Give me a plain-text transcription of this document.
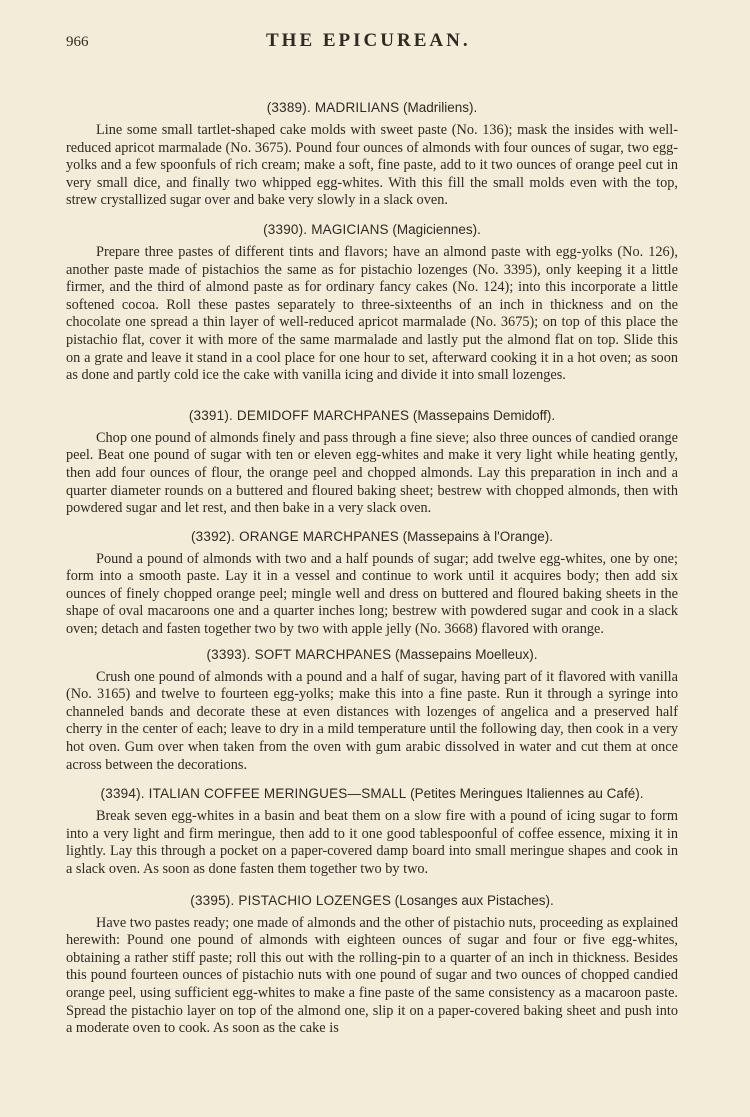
966	THE EPICUREAN.
(3389). MADRILIANS (Madriliens).

Line some small tartlet-shaped cake molds with sweet paste (No. 136); mask the insides with well-reduced apricot marmalade (No. 3675). Pound four ounces of almonds with four ounces of sugar, two egg-yolks and a few spoonfuls of rich cream; make a soft, fine paste, add to it two ounces of orange peel cut in very small dice, and finally two whipped egg-whites. With this fill the small molds even with the top, strew crystallized sugar over and bake very slowly in a slack oven.

(3390). MAGICIANS (Magiciennes).

Prepare three pastes of different tints and flavors; have an almond paste with egg-yolks (No. 126), another paste made of pistachios the same as for pistachio lozenges (No. 3395), only keeping it a little firmer, and the third of almond paste as for ordinary fancy cakes (No. 124); into this incorporate a little softened cocoa. Roll these pastes separately to three-sixteenths of an inch in thickness and on the chocolate one spread a thin layer of well-reduced apricot marmalade (No. 3675); on top of this place the pistachio flat, cover it with more of the same marmalade and lastly put the almond flat on top. Slide this on a grate and leave it stand in a cool place for one hour to set, afterward cooking it in a hot oven; as soon as done and partly cold ice the cake with vanilla icing and divide it into small lozenges.

(3391). DEMIDOFF MARCHPANES (Massepains Demidoff).

Chop one pound of almonds finely and pass through a fine sieve; also three ounces of candied orange peel. Beat one pound of sugar with ten or eleven egg-whites and make it very light while heating gently, then add four ounces of flour, the orange peel and chopped almonds. Lay this preparation in inch and a quarter diameter rounds on a buttered and floured baking sheet; bestrew with chopped almonds, then with powdered sugar and let rest, and then bake in a very slack oven.

(3392). ORANGE MARCHPANES (Massepains à l'Orange).

Pound a pound of almonds with two and a half pounds of sugar; add twelve egg-whites, one by one; form into a smooth paste. Lay it in a vessel and continue to work until it acquires body; then add six ounces of finely chopped orange peel; mingle well and dress on buttered and floured baking sheets in the shape of oval macaroons one and a quarter inches long; bestrew with powdered sugar and cook in a slack oven; detach and fasten together two by two with apple jelly (No. 3668) flavored with orange.

(3393). SOFT MARCHPANES (Massepains Moelleux).

Crush one pound of almonds with a pound and a half of sugar, having part of it flavored with vanilla (No. 3165) and twelve to fourteen egg-yolks; make this into a fine paste. Run it through a syringe into channeled bands and decorate these at even distances with lozenges of angelica and a preserved half cherry in the center of each; leave to dry in a mild temperature until the following day, then cook in a very hot oven. Gum over when taken from the oven with gum arabic dissolved in water and cut them at once across between the decorations.

(3394). ITALIAN COFFEE MERINGUES—SMALL (Petites Meringues Italiennes au Café).

Break seven egg-whites in a basin and beat them on a slow fire with a pound of icing sugar to form into a very light and firm meringue, then add to it one good tablespoonful of coffee essence, mixing it in lightly. Lay this through a pocket on a paper-covered damp board into small meringue shapes and cook in a slack oven. As soon as done fasten them together two by two.

(3395). PISTACHIO LOZENGES (Losanges aux Pistaches).

Have two pastes ready; one made of almonds and the other of pistachio nuts, proceeding as explained herewith: Pound one pound of almonds with eighteen ounces of sugar and four or five egg-whites, obtaining a rather stiff paste; roll this out with the rolling-pin to a quarter of an inch in thickness. Besides this pound fourteen ounces of pistachio nuts with one pound of sugar and two ounces of chopped candied orange peel, using sufficient egg-whites to make a fine paste of the same consistency as a macaroon paste. Spread the pistachio layer on top of the almond one, slip it on a paper-covered baking sheet and push into a moderate oven to cook. As soon as the cake is
